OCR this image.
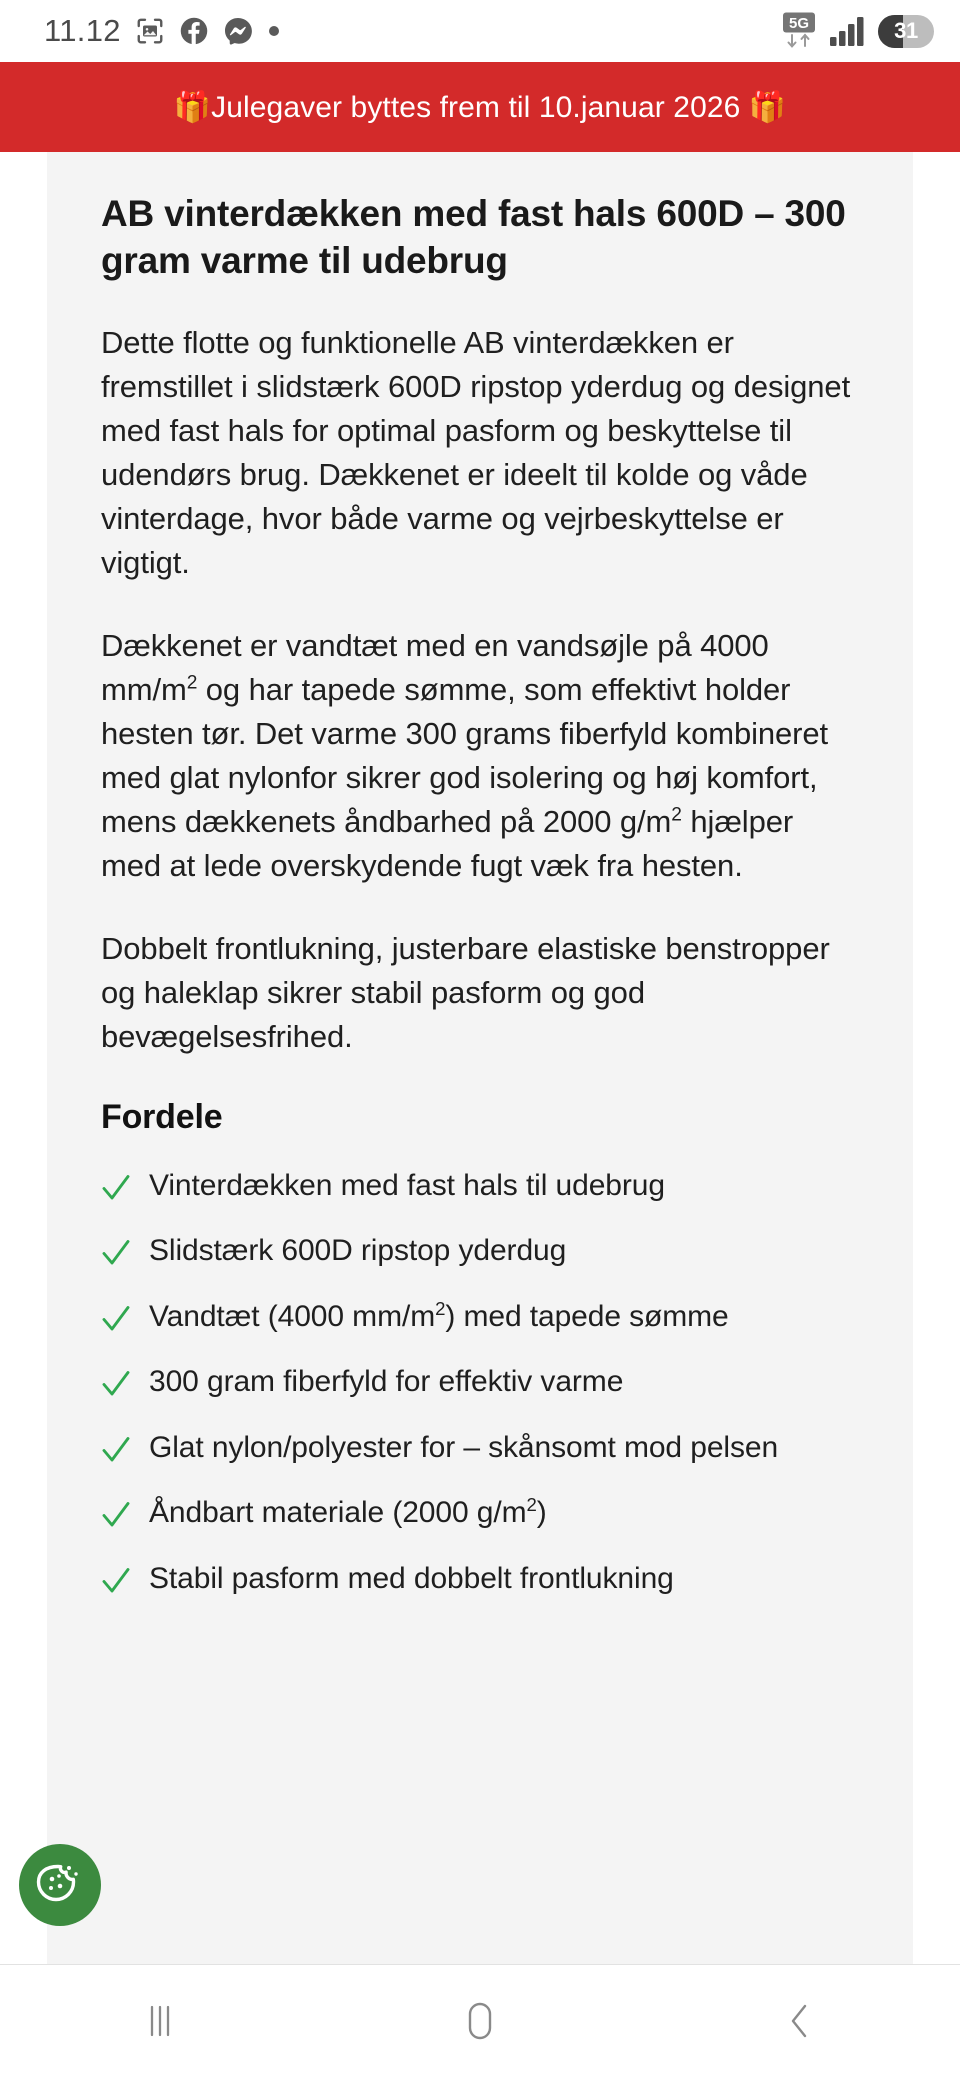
11.12	5G	31
🎁Julegaver byttes frem til 10.januar 2026 🎁
AB vinterdækken med fast hals 600D – 300 gram varme til udebrug

Dette flotte og funktionelle AB vinterdækken er fremstillet i slidstærk 600D ripstop yderdug og designet med fast hals for optimal pasform og beskyttelse til udendørs brug. Dækkenet er ideelt til kolde og våde vinterdage, hvor både varme og vejrbeskyttelse er vigtigt.

Dækkenet er vandtæt med en vandsøjle på 4000 $mm/m^2$ og har tapede sømme, som effektivt holder hesten tør. Det varme 300 grams fiberfyld kombineret med glat nylonfor sikrer god isolering og høj komfort, mens dækkenets åndbarhed på 2000 $g/m^2$ hjælper med at lede overskydende fugt væk fra hesten.

Dobbelt frontlukning, justerbare elastiske benstropper og haleklap sikrer stabil pasform og god bevægelsesfrihed.

Fordele
Vinterdækken med fast hals til udebrug
Slidstærk 600D ripstop yderdug
Vandtæt (4000 $mm/m^2$) med tapede sømme
300 gram fiberfyld for effektiv varme
Glat nylon/polyester for – skånsomt mod pelsen
Åndbart materiale (2000 $g/m^2$)
Stabil pasform med dobbelt frontlukning
